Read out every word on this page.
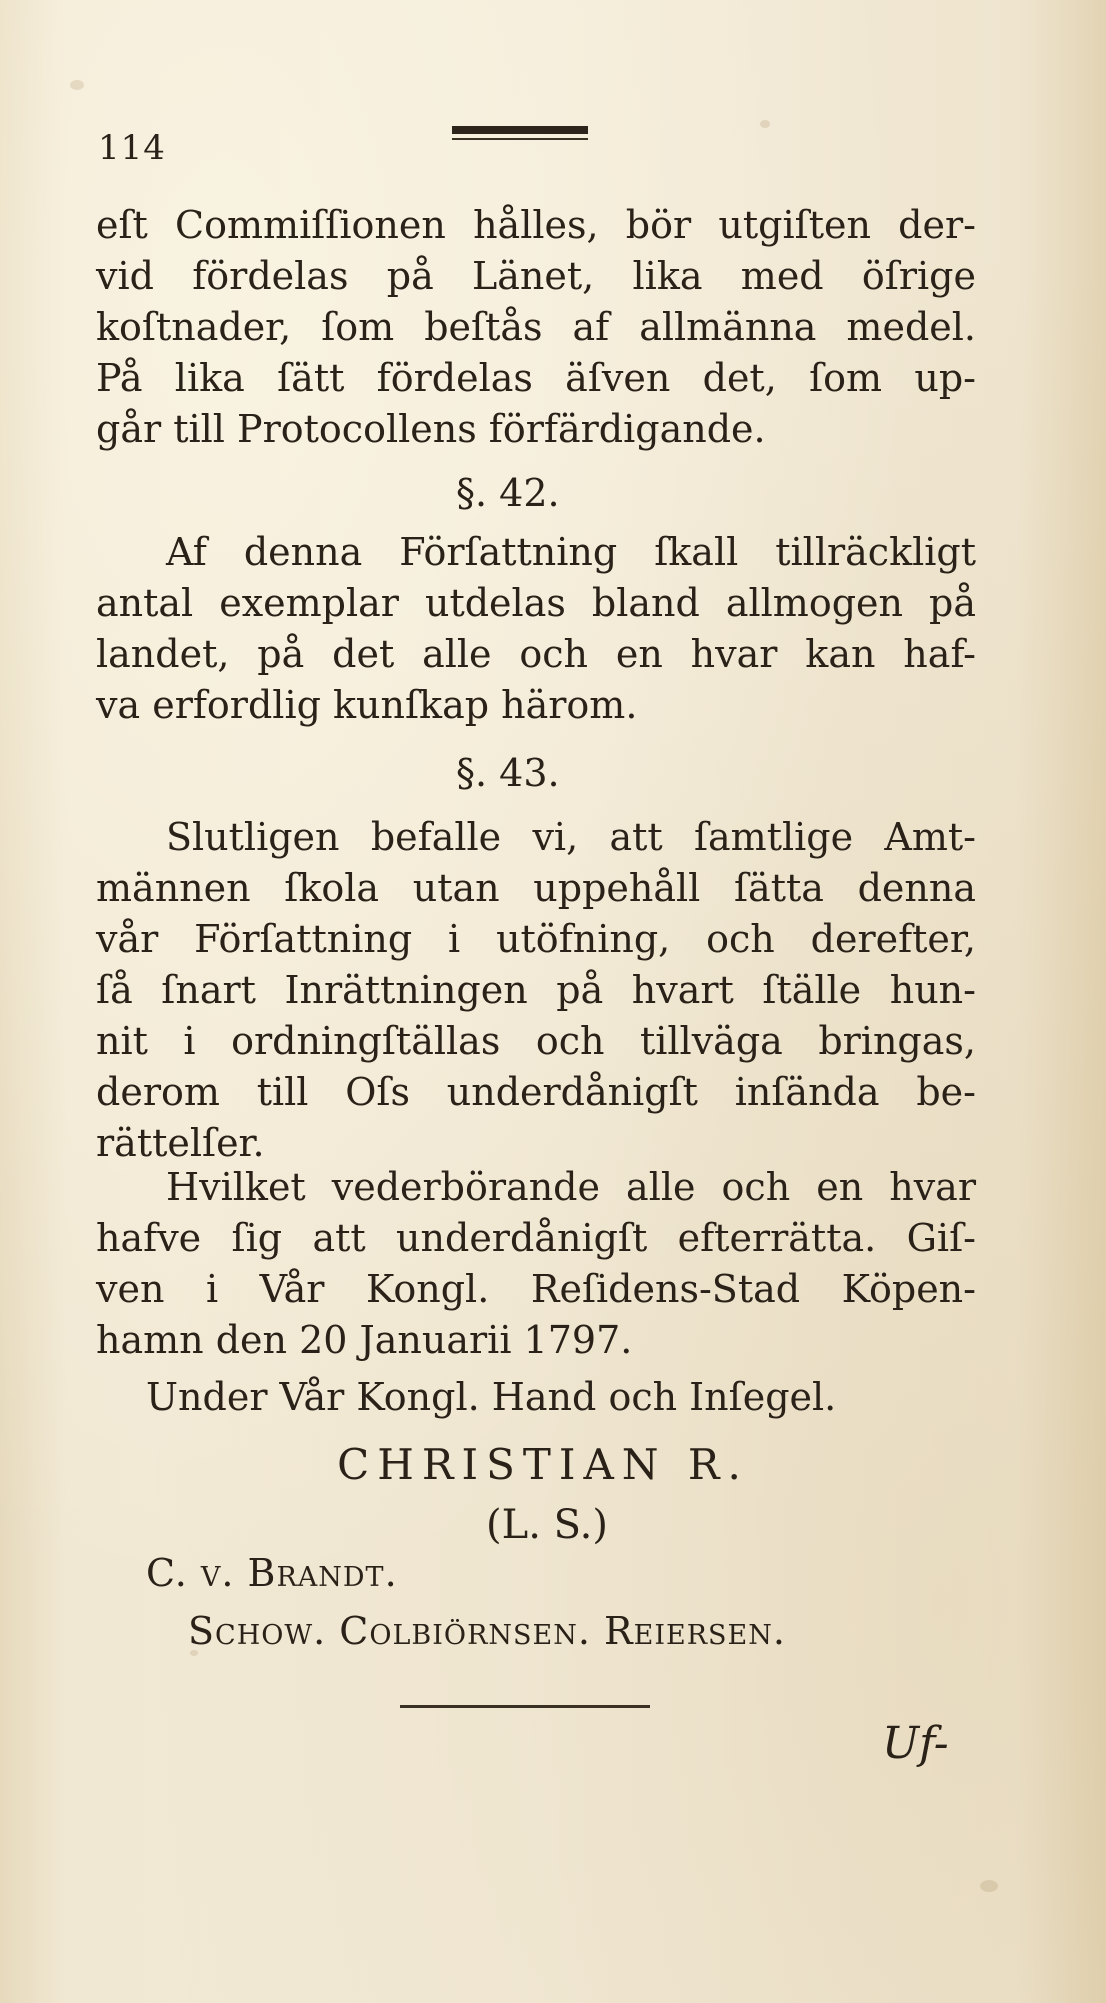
114
eſt Commiſſionen hålles, bör utgiſten der-
vid fördelas på Länet, lika med öſrige
koſtnader, ſom beſtås af allmänna medel.
På lika ſätt fördelas äſven det, ſom up-
går till Protocollens förfärdigande.
§. 42.
Af denna Förſattning ſkall tillräckligt
antal exemplar utdelas bland allmogen på
landet, på det alle och en hvar kan haf-
va erfordlig kunſkap härom.
§. 43.
Slutligen befalle vi, att ſamtlige Amt-
männen ſkola utan uppehåll ſätta denna
vår Förſattning i utöfning, och derefter,
ſå ſnart Inrättningen på hvart ſtälle hun-
nit i ordningſtällas och tillväga bringas,
derom till Oſs underdånigſt inſända be-
rättelſer.
Hvilket vederbörande alle och en hvar
hafve ſig att underdånigſt efterrätta. Giſ-
ven i Vår Kongl. Reſidens-Stad Köpen-
hamn den 20 Januarii 1797.
Under Vår Kongl. Hand och Inſegel.
CHRISTIAN R.
(L. S.)
C. v. Brandt.
Schow. Colbiörnsen. Reiersen.
Uf-
